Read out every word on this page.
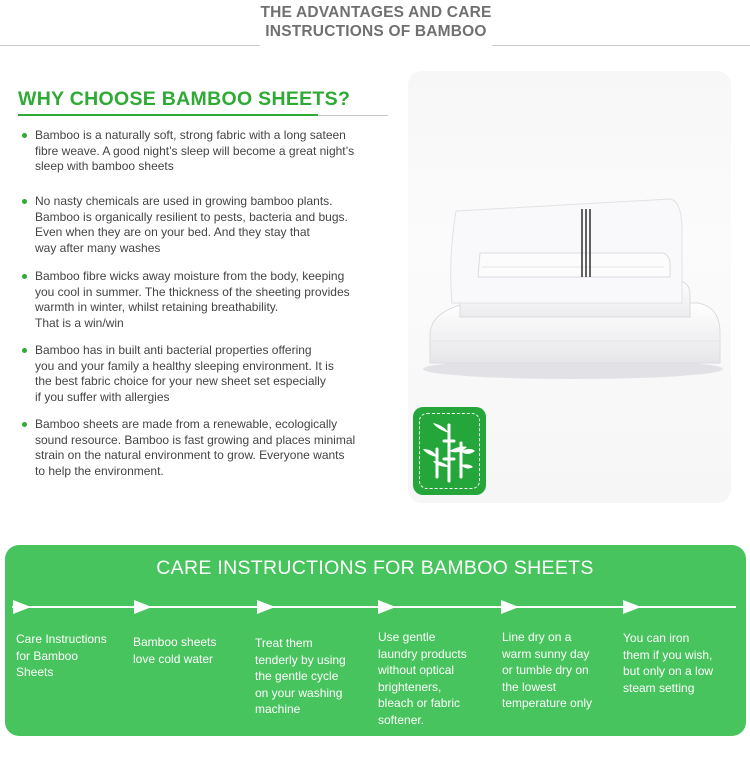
THE ADVANTAGES AND CARE
INSTRUCTIONS OF BAMBOO
WHY CHOOSE BAMBOO SHEETS?
Bamboo is a naturally soft, strong fabric with a long sateen
fibre weave. A good night’s sleep will become a great night’s
sleep with bamboo sheets
No nasty chemicals are used in growing bamboo plants.
Bamboo is organically resilient to pests, bacteria and bugs.
Even when they are on your bed. And they stay that
way after many washes
Bamboo fibre wicks away moisture from the body, keeping
you cool in summer. The thickness of the sheeting provides
warmth in winter, whilst retaining breathability.
That is a win/win
Bamboo has in built anti bacterial properties offering
you and your family a healthy sleeping environment. It is
the best fabric choice for your new sheet set especially
if you suffer with allergies
Bamboo sheets are made from a renewable, ecologically
sound resource. Bamboo is fast growing and places minimal
strain on the natural environment to grow. Everyone wants
to help the environment.
CARE INSTRUCTIONS FOR BAMBOO SHEETS
Care Instructions
for Bamboo
Sheets
Bamboo sheets
love cold water
Treat them
tenderly by using
the gentle cycle
on your washing
machine
Use gentle
laundry products
without optical
brighteners,
bleach or fabric
softener.
Line dry on a
warm sunny day
or tumble dry on
the lowest
temperature only
You can iron
them if you wish,
but only on a low
steam setting
